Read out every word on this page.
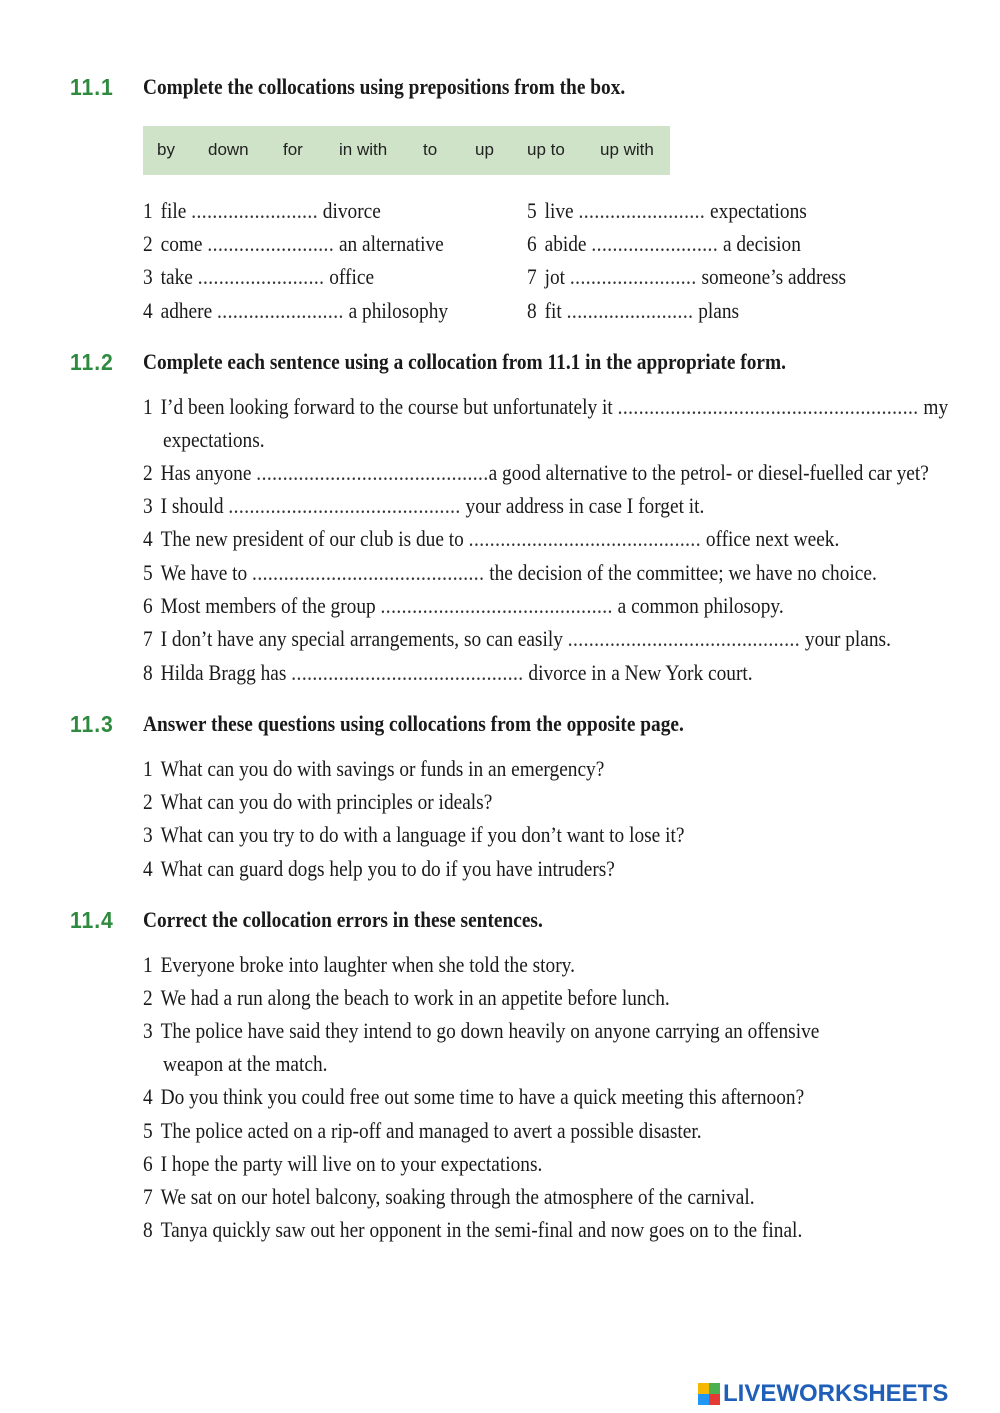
11.1 Complete the collocations using prepositions from the box.
by down for in with to up up to up with
1 file ........................ divorce
2 come ........................ an alternative
3 take ........................ office
4 adhere ........................ a philosophy
5 live ........................ expectations
6 abide ........................ a decision
7 jot ........................ someone’s address
8 fit ........................ plans
11.2 Complete each sentence using a collocation from 11.1 in the appropriate form.
1 I’d been looking forward to the course but unfortunately it ......................................................... my
expectations.
2 Has anyone ............................................a good alternative to the petrol- or diesel-fuelled car yet?
3 I should ............................................ your address in case I forget it.
4 The new president of our club is due to ............................................ office next week.
5 We have to ............................................ the decision of the committee; we have no choice.
6 Most members of the group ............................................ a common philosopy.
7 I don’t have any special arrangements, so can easily ............................................ your plans.
8 Hilda Bragg has ............................................ divorce in a New York court.
11.3 Answer these questions using collocations from the opposite page.
1 What can you do with savings or funds in an emergency?
2 What can you do with principles or ideals?
3 What can you try to do with a language if you don’t want to lose it?
4 What can guard dogs help you to do if you have intruders?
11.4 Correct the collocation errors in these sentences.
1 Everyone broke into laughter when she told the story.
2 We had a run along the beach to work in an appetite before lunch.
3 The police have said they intend to go down heavily on anyone carrying an offensive
weapon at the match.
4 Do you think you could free out some time to have a quick meeting this afternoon?
5 The police acted on a rip-off and managed to avert a possible disaster.
6 I hope the party will live on to your expectations.
7 We sat on our hotel balcony, soaking through the atmosphere of the carnival.
8 Tanya quickly saw out her opponent in the semi-final and now goes on to the final.
LIVEWORKSHEETS
